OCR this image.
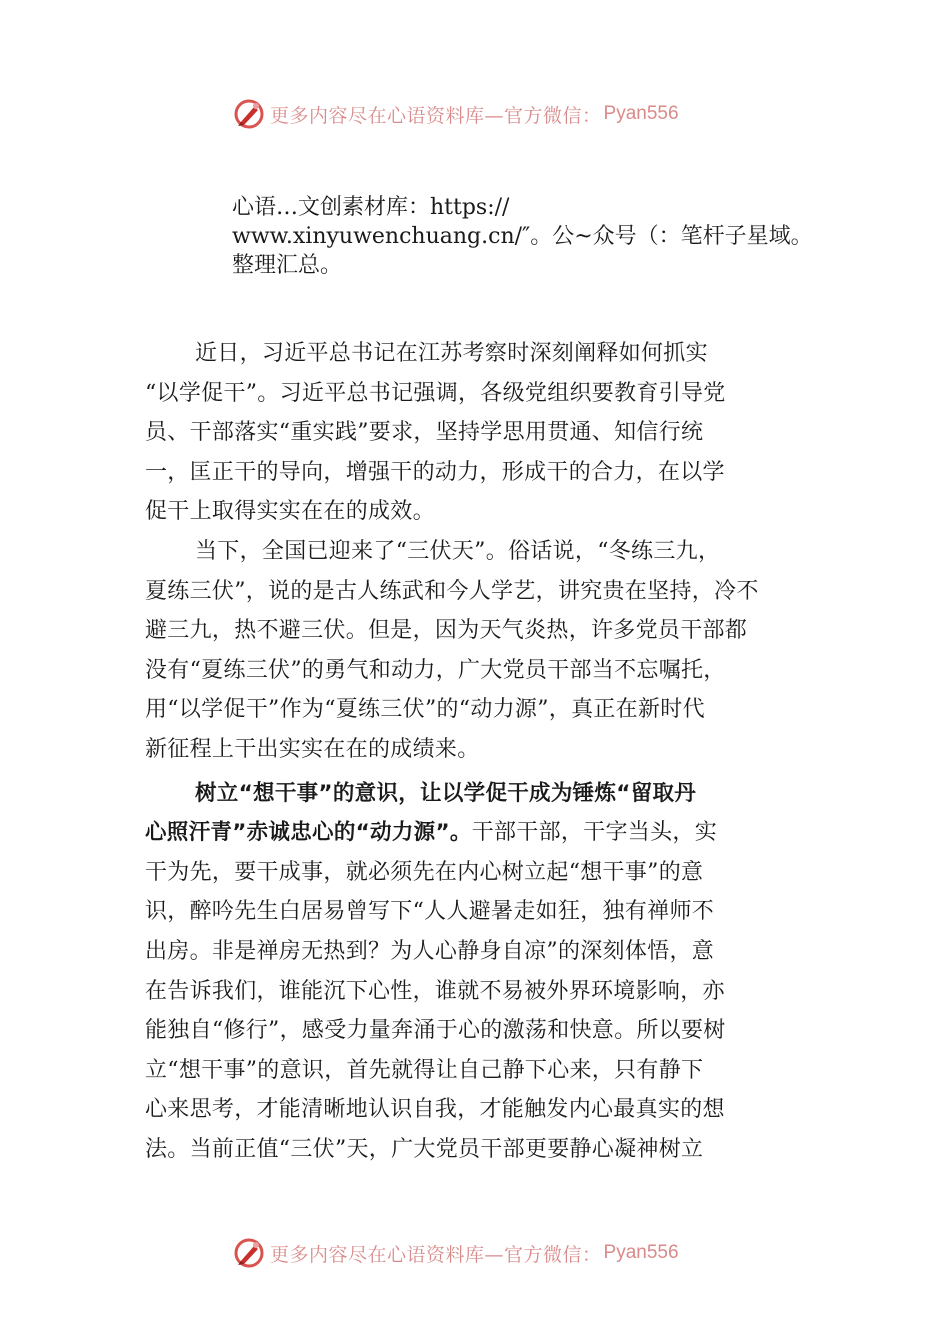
更多内容尽在心语资料库—官方微信： Pyan556
心语…文创素材库：https://
www.xinyuwenchuang.cn/″。公~众号（：笔杆子星域。
整理汇总。
近日，习近平总书记在江苏考察时深刻阐释如何抓实
“以学促干”。习近平总书记强调，各级党组织要教育引导党
员、干部落实“重实践”要求，坚持学思用贯通、知信行统
一，匡正干的导向，增强干的动力，形成干的合力，在以学
促干上取得实实在在的成效。
当下，全国已迎来了“三伏天”。俗话说，“冬练三九，
夏练三伏”，说的是古人练武和今人学艺，讲究贵在坚持，冷不
避三九，热不避三伏。但是，因为天气炎热，许多党员干部都
没有“夏练三伏”的勇气和动力，广大党员干部当不忘嘱托，
用“以学促干”作为“夏练三伏”的“动力源”，真正在新时代
新征程上干出实实在在的成绩来。
树立“想干事”的意识，让以学促干成为锤炼“留取丹
心照汗青”赤诚忠心的“动力源”。干部干部，干字当头，实
干为先，要干成事，就必须先在内心树立起“想干事”的意
识，醉吟先生白居易曾写下“人人避暑走如狂，独有禅师不
出房。非是禅房无热到？为人心静身自凉”的深刻体悟，意
在告诉我们，谁能沉下心性，谁就不易被外界环境影响，亦
能独自“修行”，感受力量奔涌于心的激荡和快意。所以要树
立“想干事”的意识，首先就得让自己静下心来，只有静下
心来思考，才能清晰地认识自我，才能触发内心最真实的想
法。当前正值“三伏”天，广大党员干部更要静心凝神树立
更多内容尽在心语资料库—官方微信： Pyan556
